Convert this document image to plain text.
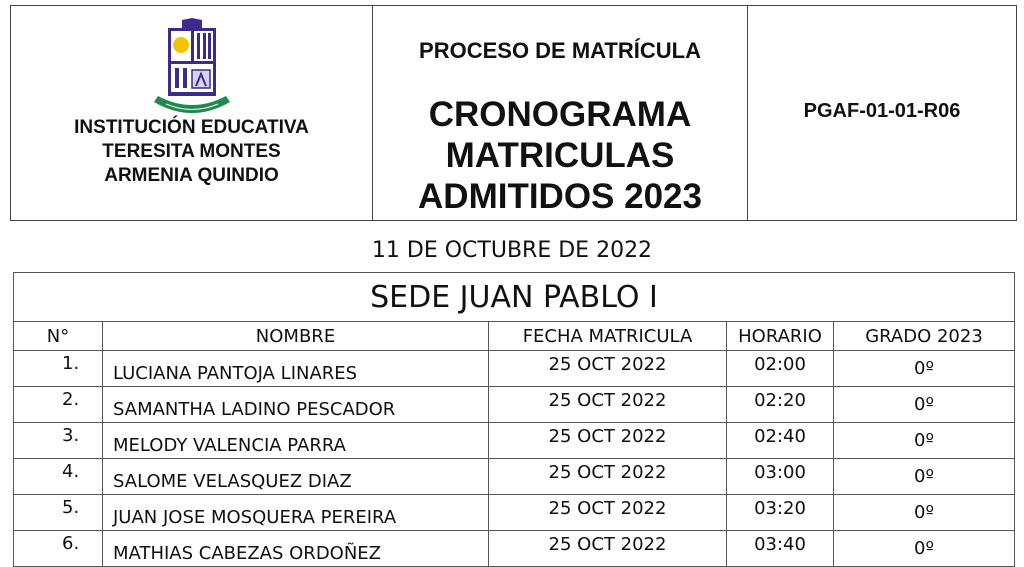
INSTITUCIÓN EDUCATIVA
TERESITA MONTES
ARMENIA QUINDIO
PROCESO DE MATRÍCULA
CRONOGRAMA
MATRICULAS
ADMITIDOS 2023
PGAF-01-01-R06
11 DE OCTUBRE DE 2022
SEDE JUAN PABLO I				
N°	NOMBRE	FECHA MATRICULA	HORARIO	GRADO 2023
1.	LUCIANA PANTOJA LINARES	25 OCT 2022	02:00	0º
2.	SAMANTHA LADINO PESCADOR	25 OCT 2022	02:20	0º
3.	MELODY VALENCIA PARRA	25 OCT 2022	02:40	0º
4.	SALOME VELASQUEZ DIAZ	25 OCT 2022	03:00	0º
5.	JUAN JOSE MOSQUERA PEREIRA	25 OCT 2022	03:20	0º
6.	MATHIAS CABEZAS ORDOÑEZ	25 OCT 2022	03:40	0º
